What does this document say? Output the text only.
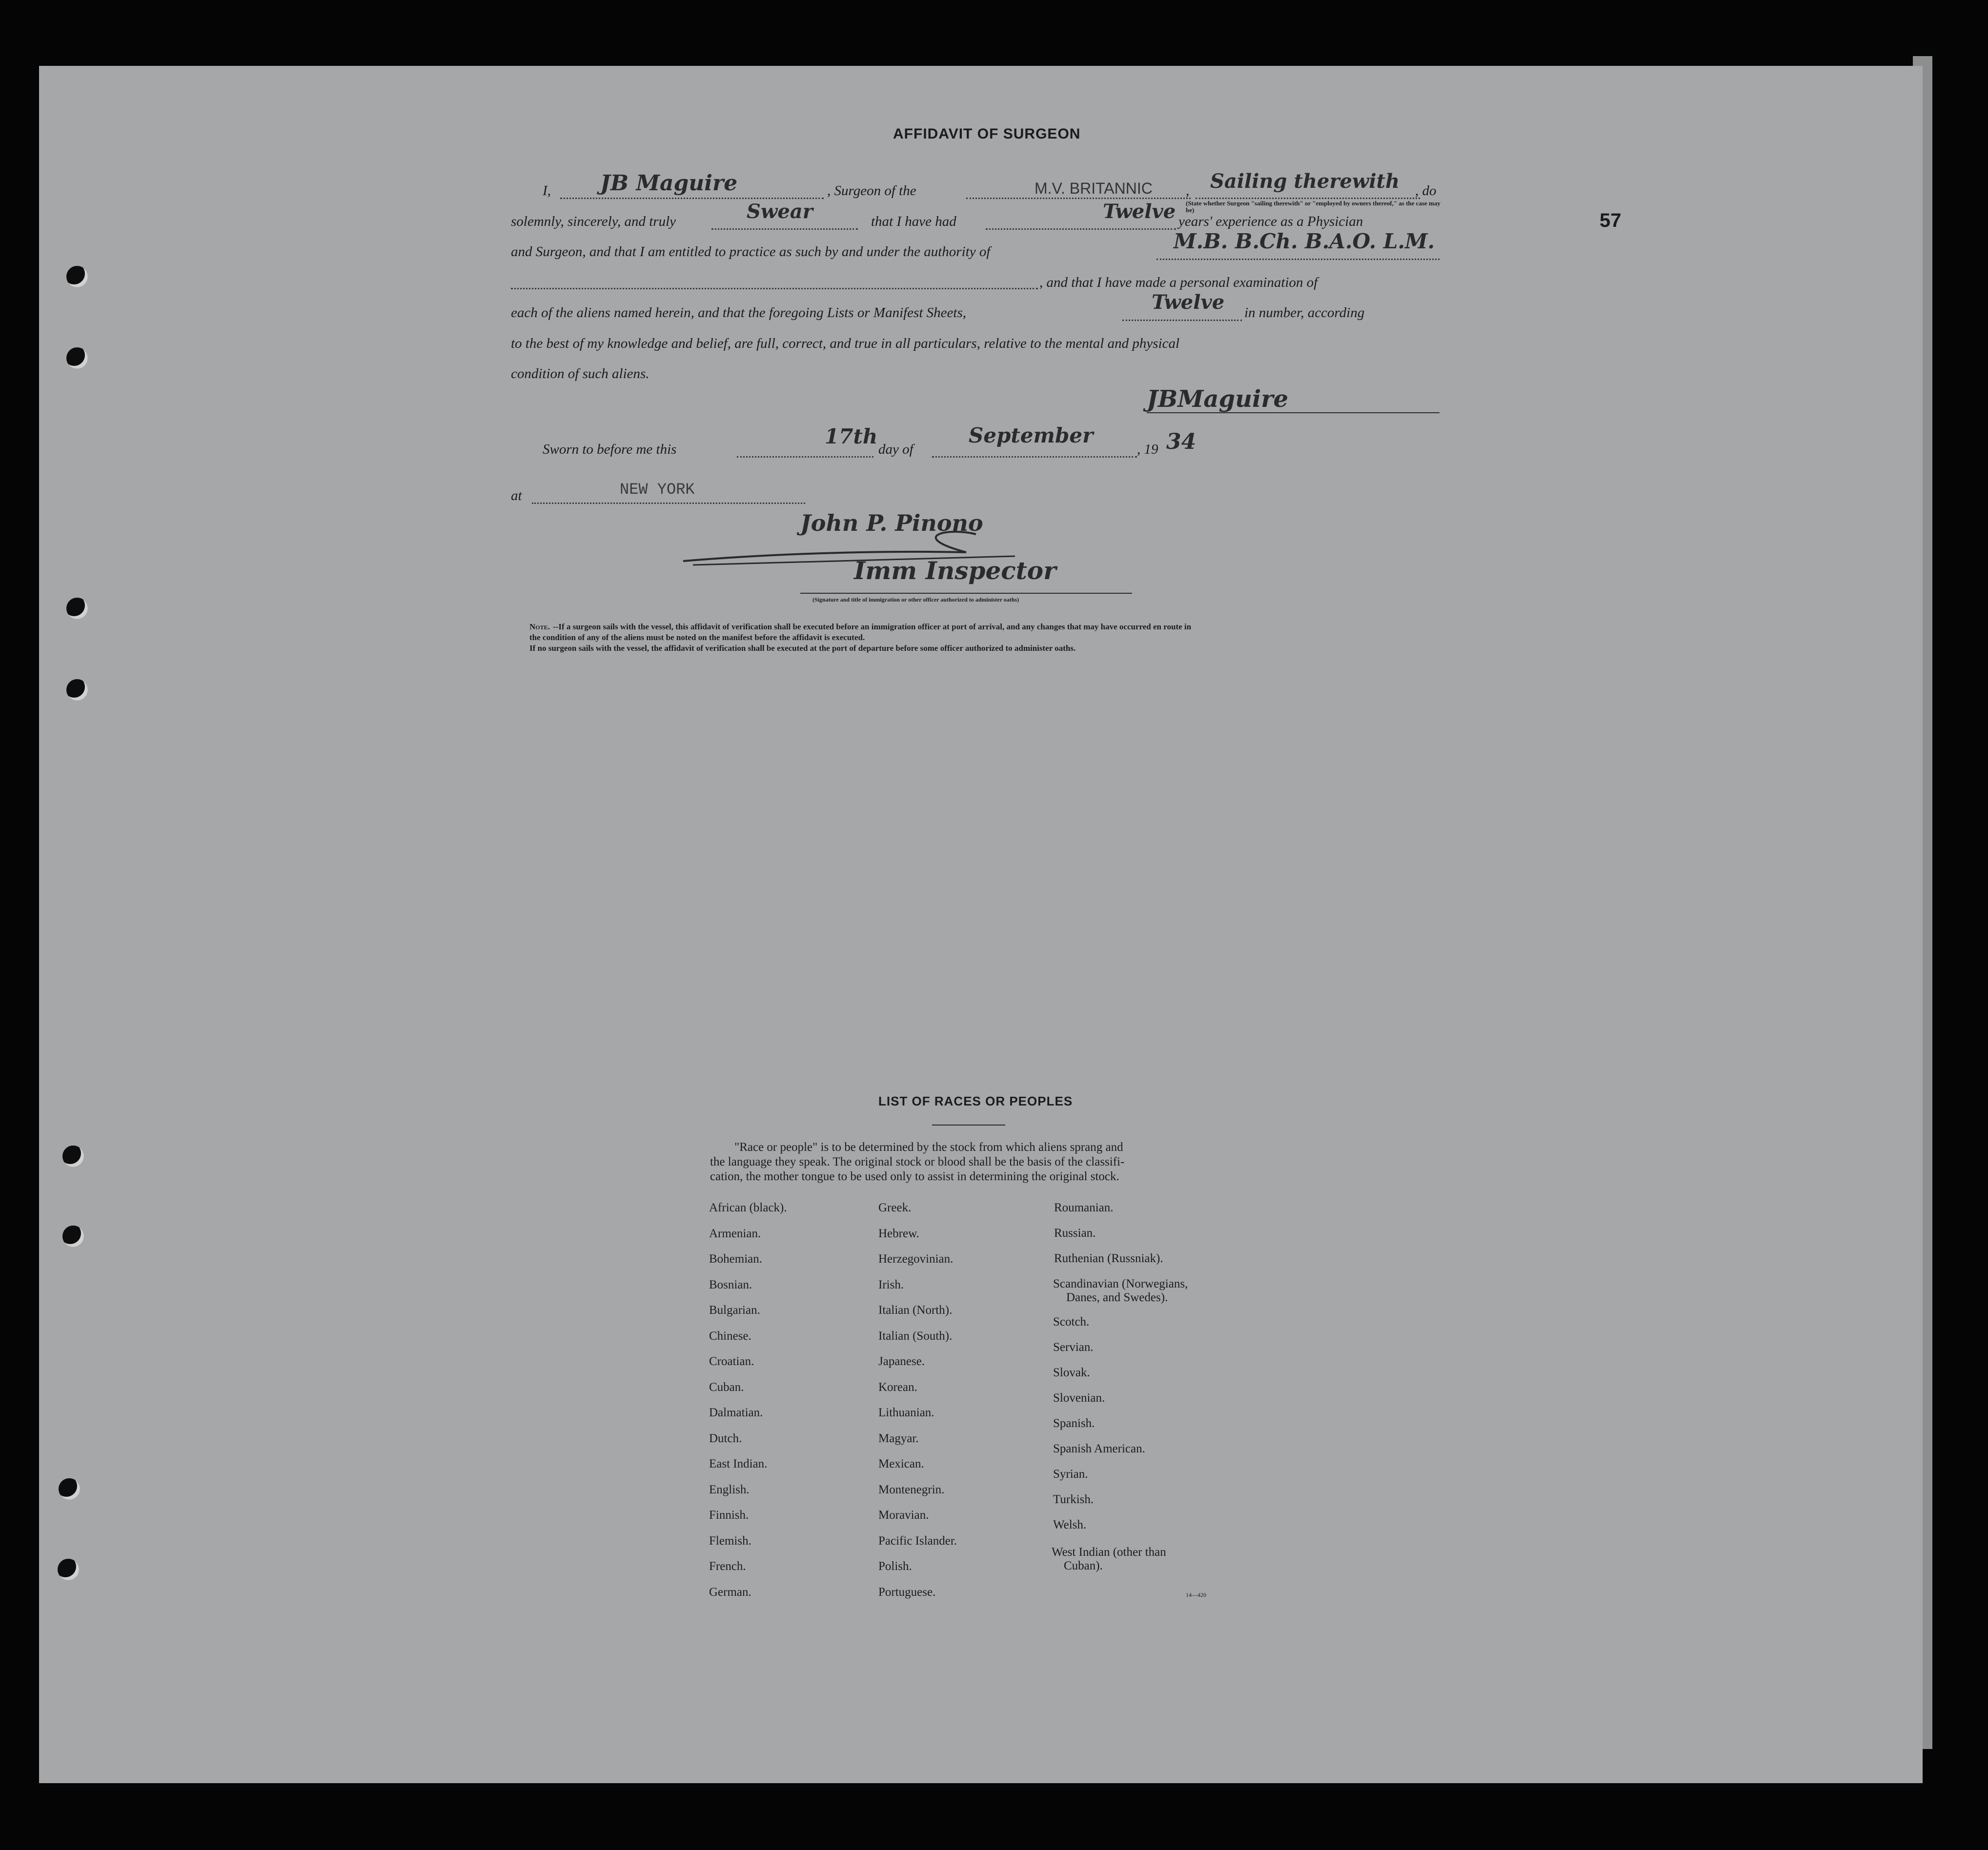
57
AFFIDAVIT OF SURGEON
I, JB Maguire	, Surgeon of the	M.V. BRITANNIC , Sailing therewith
(State whether Surgeon "sailing therewith" or "employed by owners thereof," as the case may be)
, do
solemnly, sincerely, and truly	Swear	that I have had	Twelve years' experience as a Physician
and Surgeon, and that I am entitled to practice as such by and under the authority of	M.B. B.Ch. B.A.O. L.M.
, and that I have made a personal examination of
each of the aliens named herein, and that the foregoing Lists or Manifest Sheets,	Twelve in number, according
to the best of my knowledge and belief, are full, correct, and true in all particulars, relative to the mental and physical
condition of such aliens.
JBMaguire
Sworn to before me this
17th
day of
September
, 19 34
at	NEW YORK
John P. Pinono
Imm Inspector
(Signature and title of immigration or other officer authorized to administer oaths)
Note. --If a surgeon sails with the vessel, this affidavit of verification shall be executed before an immigration officer at port of arrival, and any changes that may have occurred en route in
the condition of any of the aliens must be noted on the manifest before the affidavit is executed.
If no surgeon sails with the vessel, the affidavit of verification shall be executed at the port of departure before some officer authorized to administer oaths.
LIST OF RACES OR PEOPLES
"Race or people" is to be determined by the stock from which aliens sprang and
the language they speak. The original stock or blood shall be the basis of the classifi-
cation, the mother tongue to be used only to assist in determining the original stock.
African (black).
Armenian.
Bohemian.
Bosnian.
Bulgarian.
Chinese.
Croatian.
Cuban.
Dalmatian.
Dutch.
East Indian.
English.
Finnish.
Flemish.
French.
German.
Greek.
Hebrew.
Herzegovinian.
Irish.
Italian (North).
Italian (South).
Japanese.
Korean.
Lithuanian.
Magyar.
Mexican.
Montenegrin.
Moravian.
Pacific Islander.
Polish.
Portuguese.
Roumanian.
Russian.
Ruthenian (Russniak).
Scandinavian (Norwegians,
Danes, and Swedes).
Scotch.
Servian.
Slovak.
Slovenian.
Spanish.
Spanish American.
Syrian.
Turkish.
Welsh.
West Indian (other than
Cuban).
14—420
